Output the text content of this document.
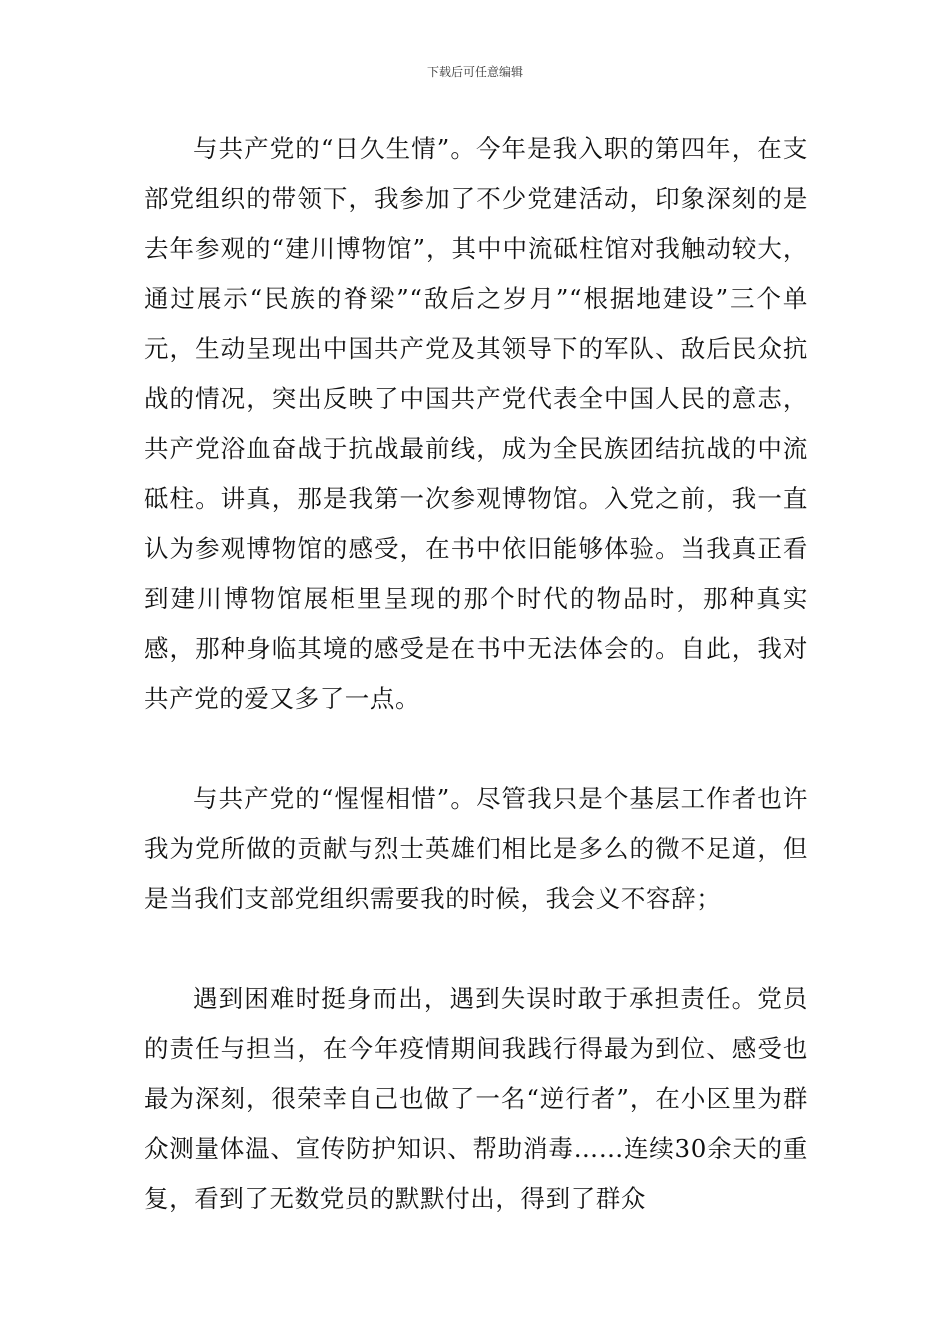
下载后可任意编辑

与共产党的“日久生情”。今年是我入职的第四年，在支部党组织的带领下，我参加了不少党建活动，印象深刻的是去年参观的“建川博物馆”，其中中流砥柱馆对我触动较大，通过展示“民族的脊梁”“敌后之岁月”“根据地建设”三个单元，生动呈现出中国共产党及其领导下的军队、敌后民众抗战的情况，突出反映了中国共产党代表全中国人民的意志，共产党浴血奋战于抗战最前线，成为全民族团结抗战的中流砥柱。讲真，那是我第一次参观博物馆。入党之前，我一直认为参观博物馆的感受，在书中依旧能够体验。当我真正看到建川博物馆展柜里呈现的那个时代的物品时，那种真实感，那种身临其境的感受是在书中无法体会的。自此，我对共产党的爱又多了一点。

与共产党的“惺惺相惜”。尽管我只是个基层工作者也许我为党所做的贡献与烈士英雄们相比是多么的微不足道，但是当我们支部党组织需要我的时候，我会义不容辞；

遇到困难时挺身而出，遇到失误时敢于承担责任。党员的责任与担当，在今年疫情期间我践行得最为到位、感受也最为深刻，很荣幸自己也做了一名“逆行者”，在小区里为群众测量体温、宣传防护知识、帮助消毒……连续30余天的重复，看到了无数党员的默默付出，得到了群众
